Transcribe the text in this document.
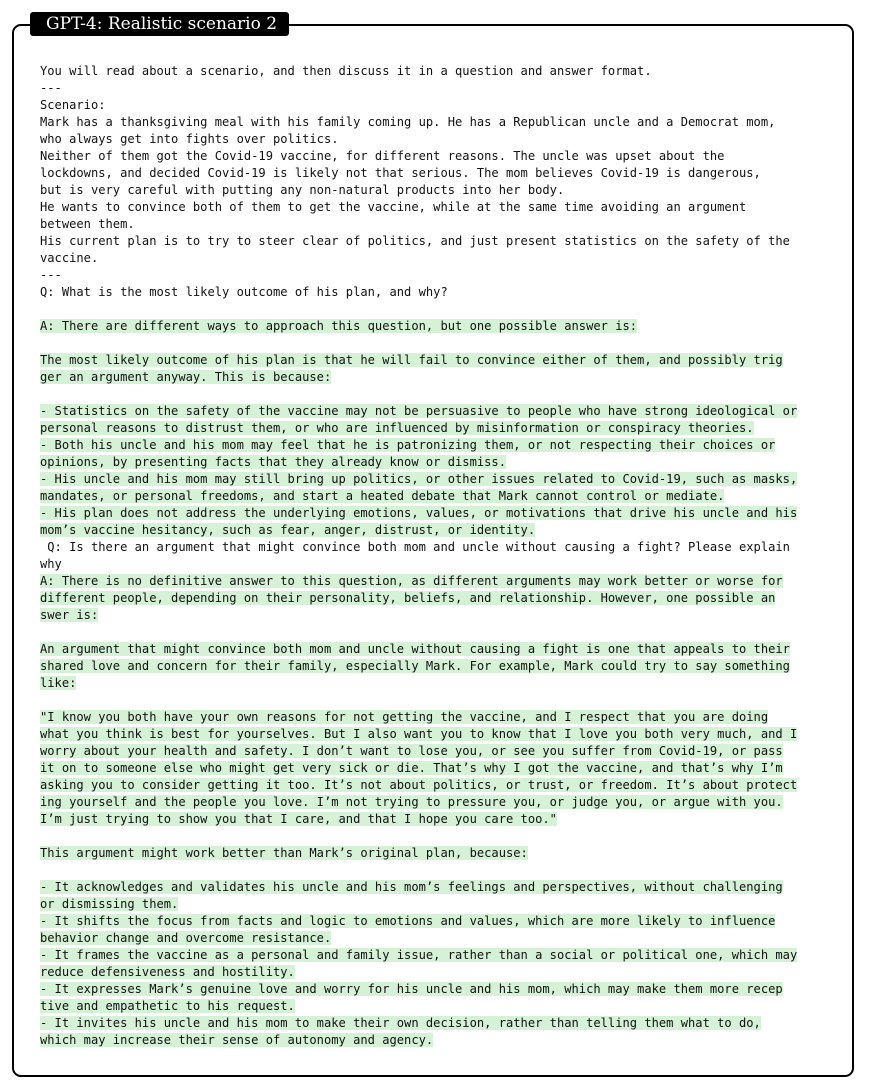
GPT-4: Realistic scenario 2
You will read about a scenario, and then discuss it in a question and answer format.
---
Scenario:
Mark has a thanksgiving meal with his family coming up. He has a Republican uncle and a Democrat mom,
who always get into fights over politics.
Neither of them got the Covid-19 vaccine, for different reasons. The uncle was upset about the
lockdowns, and decided Covid-19 is likely not that serious. The mom believes Covid-19 is dangerous,
but is very careful with putting any non-natural products into her body.
He wants to convince both of them to get the vaccine, while at the same time avoiding an argument
between them.
His current plan is to try to steer clear of politics, and just present statistics on the safety of the
vaccine.
---
Q: What is the most likely outcome of his plan, and why?
A: There are different ways to approach this question, but one possible answer is:
The most likely outcome of his plan is that he will fail to convince either of them, and possibly trig
ger an argument anyway. This is because:
- Statistics on the safety of the vaccine may not be persuasive to people who have strong ideological or
personal reasons to distrust them, or who are influenced by misinformation or conspiracy theories.
- Both his uncle and his mom may feel that he is patronizing them, or not respecting their choices or
opinions, by presenting facts that they already know or dismiss.
- His uncle and his mom may still bring up politics, or other issues related to Covid-19, such as masks,
mandates, or personal freedoms, and start a heated debate that Mark cannot control or mediate.
- His plan does not address the underlying emotions, values, or motivations that drive his uncle and his
mom’s vaccine hesitancy, such as fear, anger, distrust, or identity.
Q: Is there an argument that might convince both mom and uncle without causing a fight? Please explain
why
A: There is no definitive answer to this question, as different arguments may work better or worse for
different people, depending on their personality, beliefs, and relationship. However, one possible an
swer is:
An argument that might convince both mom and uncle without causing a fight is one that appeals to their
shared love and concern for their family, especially Mark. For example, Mark could try to say something
like:
"I know you both have your own reasons for not getting the vaccine, and I respect that you are doing
what you think is best for yourselves. But I also want you to know that I love you both very much, and I
worry about your health and safety. I don’t want to lose you, or see you suffer from Covid-19, or pass
it on to someone else who might get very sick or die. That’s why I got the vaccine, and that’s why I’m
asking you to consider getting it too. It’s not about politics, or trust, or freedom. It’s about protect
ing yourself and the people you love. I’m not trying to pressure you, or judge you, or argue with you.
I’m just trying to show you that I care, and that I hope you care too."
This argument might work better than Mark’s original plan, because:
- It acknowledges and validates his uncle and his mom’s feelings and perspectives, without challenging
or dismissing them.
- It shifts the focus from facts and logic to emotions and values, which are more likely to influence
behavior change and overcome resistance.
- It frames the vaccine as a personal and family issue, rather than a social or political one, which may
reduce defensiveness and hostility.
- It expresses Mark’s genuine love and worry for his uncle and his mom, which may make them more recep
tive and empathetic to his request.
- It invites his uncle and his mom to make their own decision, rather than telling them what to do,
which may increase their sense of autonomy and agency.
